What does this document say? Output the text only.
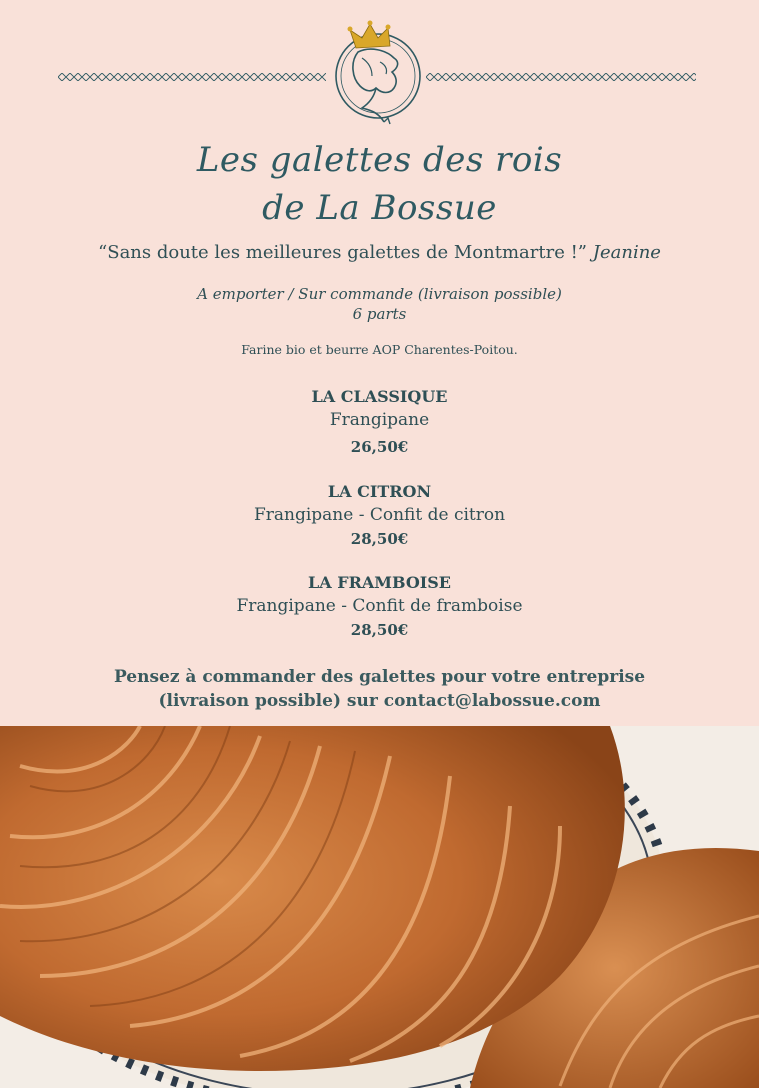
Les galettes des rois
de La Bossue
“Sans doute les meilleures galettes de Montmartre !” Jeanine
A emporter / Sur commande (livraison possible)
6 parts
Farine bio et beurre AOP Charentes-Poitou.
LA CLASSIQUE
Frangipane
26,50€
LA CITRON
Frangipane - Confit de citron
28,50€
LA FRAMBOISE
Frangipane - Confit de framboise
28,50€
Pensez à commander des galettes pour votre entreprise
(livraison possible) sur contact@labossue.com
